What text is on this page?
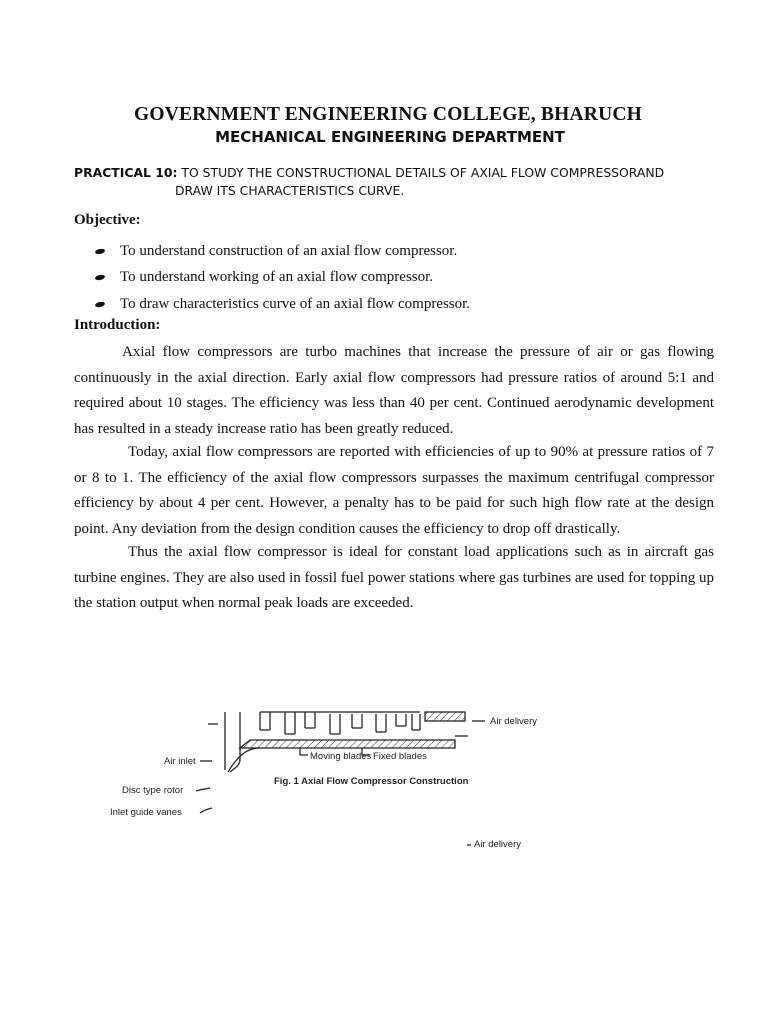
GOVERNMENT ENGINEERING COLLEGE, BHARUCH
MECHANICAL ENGINEERING DEPARTMENT
PRACTICAL 10: TO STUDY THE CONSTRUCTIONAL DETAILS OF AXIAL FLOW COMPRESSORAND
DRAW ITS CHARACTERISTICS CURVE.
Objective:
To understand construction of an axial flow compressor.
To understand working of an axial flow compressor.
To draw characteristics curve of an axial flow compressor.
Introduction:

Axial flow compressors are turbo machines that increase the pressure of air or gas flowing continuously in the axial direction. Early axial flow compressors had pressure ratios of around 5:1 and required about 10 stages. The efficiency was less than 40 per cent. Continued aerodynamic development has resulted in a steady increase ratio has been greatly reduced.

Today, axial flow compressors are reported with efficiencies of up to 90% at pressure ratios of 7 or 8 to 1. The efficiency of the axial flow compressors surpasses the maximum centrifugal compressor efficiency by about 4 per cent. However, a penalty has to be paid for such high flow rate at the design point. Any deviation from the design condition causes the efficiency to drop off drastically.

Thus the axial flow compressor is ideal for constant load applications such as in aircraft gas turbine engines. They are also used in fossil fuel power stations where gas turbines are used for topping up the station output when normal peak loads are exceeded.

Air delivery
Air inlet	Moving blades Fixed blades
Fig. 1 Axial Flow Compressor Construction
Disc type rotor
Inlet guide vanes
Air delivery
